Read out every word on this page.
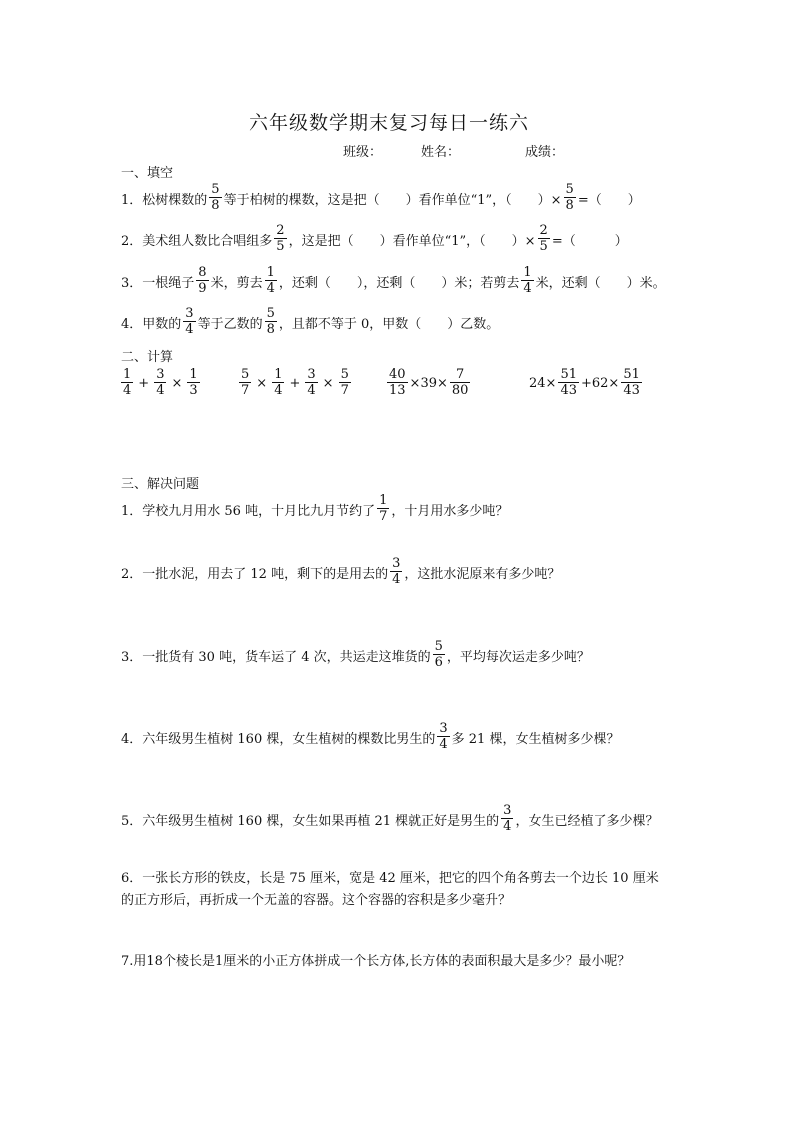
六年级数学期末复习每日一练六
班级：	姓名：	成绩：
一、填空
1．松树棵数的 $\frac{5}{8}$ 等于柏树的棵数，这是把（　　）看作单位“1”，（　　）× $\frac{5}{8}$ =（　　）
2．美术组人数比合唱组多 $\frac{2}{5}$ ，这是把（　　）看作单位“1”，（　　）× $\frac{2}{5}$ =（　　　）
3．一根绳子 $\frac{8}{9}$ 米，剪去 $\frac{1}{4}$ ，还剩（　　），还剩（　　）米；若剪去 $\frac{1}{4}$ 米，还剩（　　）米。
4．甲数的 $\frac{3}{4}$ 等于乙数的 $\frac{5}{8}$ ，且都不等于 0，甲数（　　）乙数。
二、计算
$\frac{1}{4} + \frac{3}{4} \times \frac{1}{3}$	$\frac{5}{7} \times \frac{1}{4} + \frac{3}{4} \times \frac{5}{7}$	$\frac{40}{13} \times 39\times \frac{7}{80}$	$24\times \frac{51}{43} +62\times \frac{51}{43}$
三、解决问题
1．学校九月用水 56 吨，十月比九月节约了 $\frac{1}{7}$ ，十月用水多少吨？
2．一批水泥，用去了 12 吨，剩下的是用去的 $\frac{3}{4}$ ，这批水泥原来有多少吨？
3．一批货有 30 吨，货车运了 4 次，共运走这堆货的 $\frac{5}{6}$ ，平均每次运走多少吨？
4．六年级男生植树 160 棵，女生植树的棵数比男生的 $\frac{3}{4}$ 多 21 棵，女生植树多少棵？
5．六年级男生植树 160 棵，女生如果再植 21 棵就正好是男生的 $\frac{3}{4}$ ，女生已经植了多少棵？
6．一张长方形的铁皮，长是 75 厘米，宽是 42 厘米，把它的四个角各剪去一个边长 10 厘米
的正方形后，再折成一个无盖的容器。这个容器的容积是多少毫升？
7.用18个棱长是1厘米的小正方体拼成一个长方体,长方体的表面积最大是多少？最小呢？
